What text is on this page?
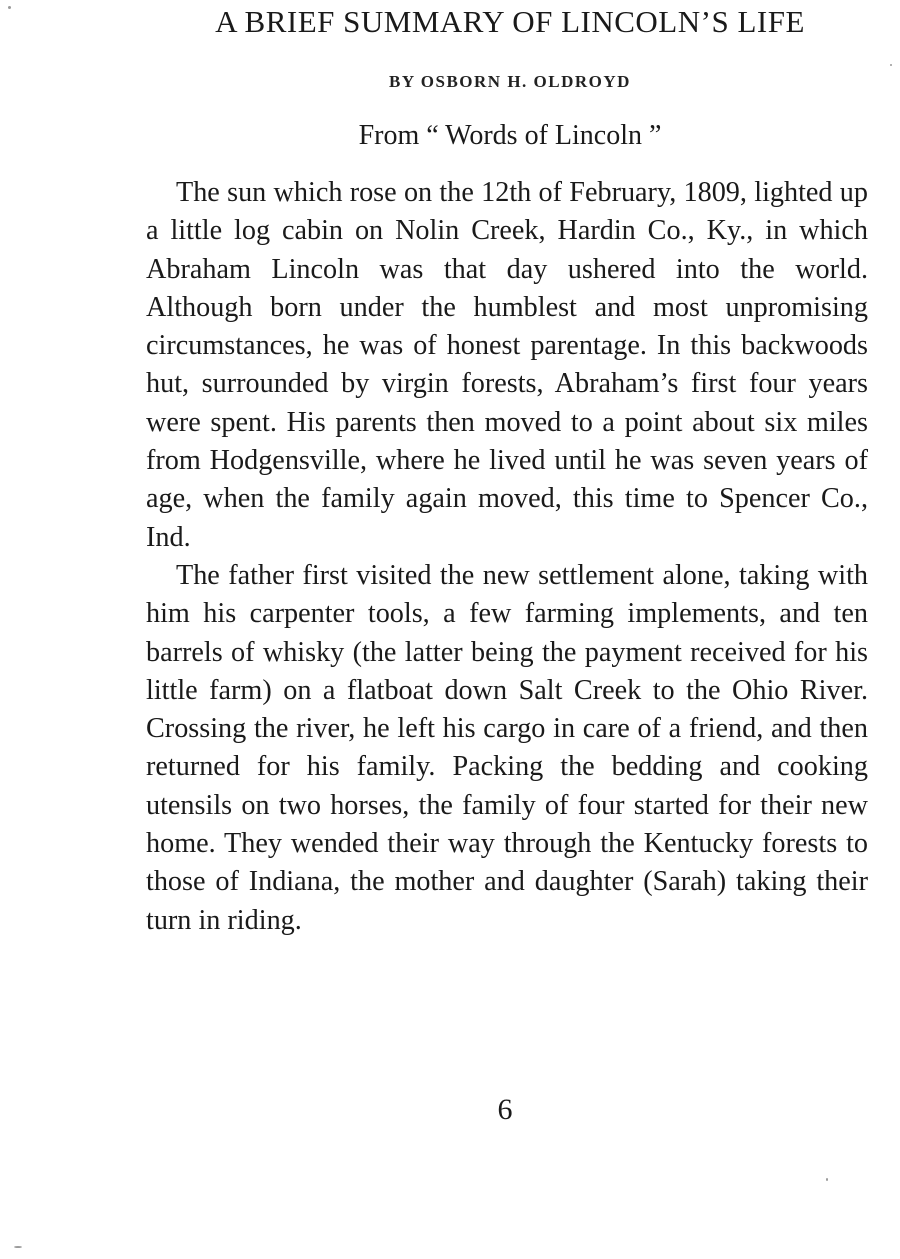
A BRIEF SUMMARY OF LINCOLN’S LIFE
BY OSBORN H. OLDROYD
From “ Words of Lincoln ”

The sun which rose on the 12th of February, 1809, lighted up a little log cabin on Nolin Creek, Hardin Co., Ky., in which Abraham Lincoln was that day ushered into the world. Although born under the humblest and most unpromising circumstances, he was of honest parentage. In this backwoods hut, surrounded by virgin forests, Abraham’s first four years were spent. His parents then moved to a point about six miles from Hodgensville, where he lived until he was seven years of age, when the family again moved, this time to Spencer Co., Ind.

The father first visited the new settlement alone, taking with him his carpenter tools, a few farming implements, and ten barrels of whisky (the latter being the payment received for his little farm) on a flatboat down Salt Creek to the Ohio River. Crossing the river, he left his cargo in care of a friend, and then returned for his family. Packing the bedding and cooking utensils on two horses, the family of four started for their new home. They wended their way through the Kentucky forests to those of Indiana, the mother and daughter (Sarah) taking their turn in riding.

6
